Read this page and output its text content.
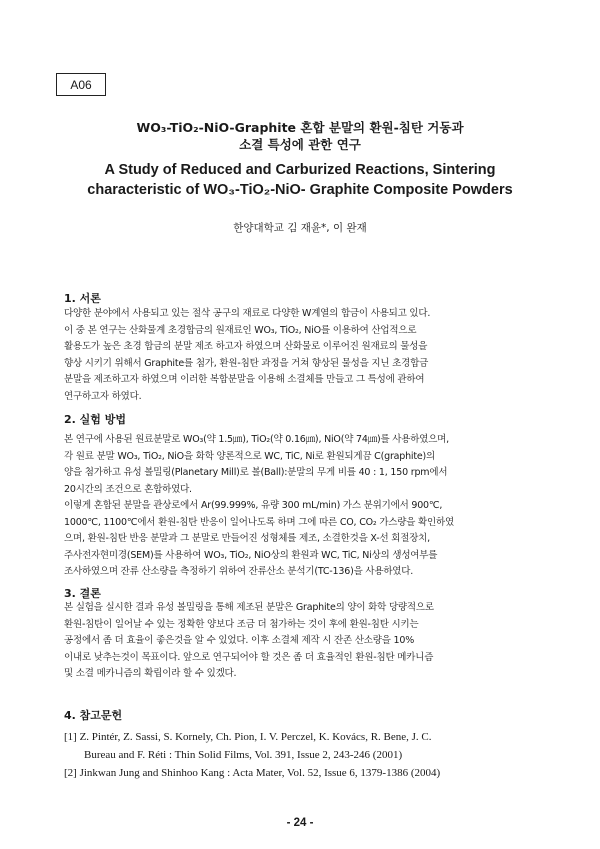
A06
WO₃-TiO₂-NiO-Graphite 혼합 분말의 환원-침탄 거동과
소결 특성에 관한 연구
A Study of Reduced and Carburized Reactions, Sintering
characteristic of WO₃-TiO₂-NiO- Graphite Composite Powders
한양대학교 김 재윤*, 이 완재
1. 서론
다양한 분야에서 사용되고 있는 절삭 공구의 재료로 다양한 W계열의 합금이 사용되고 있다.
이 중 본 연구는 산화물계 초경합금의 원재료인 WO₃, TiO₂, NiO를 이용하여 산업적으로
활용도가 높은 초경 합금의 분말 제조 하고자 하였으며 산화물로 이루어진 원재료의 물성을
향상 시키기 위해서 Graphite를 첨가, 환원-침탄 과정을 거쳐 향상된 물성을 지닌 초경합금
분말을 제조하고자 하였으며 이러한 복합분말을 이용해 소결체를 만들고 그 특성에 관하여
연구하고자 하였다.
2. 실험 방법
본 연구에 사용된 원료분말로 WO₃(약 1.5㎛), TiO₂(약 0.16㎛), NiO(약 74㎛)를 사용하였으며,
각 원료 분말 WO₃, TiO₂, NiO을 화학 양론적으로 WC, TiC, Ni로 환원되게끔 C(graphite)의
양을 첨가하고 유성 볼밀링(Planetary Mill)로 볼(Ball):분말의 무게 비를 40 : 1, 150 rpm에서
20시간의 조건으로 혼합하였다.
이렇게 혼합된 분말을 관상로에서 Ar(99.999%, 유량 300 mL/min) 가스 분위기에서 900℃,
1000℃, 1100℃에서 환원-침탄 반응이 일어나도록 하며 그에 따른 CO, CO₂ 가스량을 확인하였
으며, 환원-침탄 반응 분말과 그 분말로 만들어진 성형체를 제조, 소결한것을 X-선 회절장치,
주사전자현미경(SEM)를 사용하여 WO₃, TiO₂, NiO상의 환원과 WC, TiC, Ni상의 생성여부를
조사하였으며 잔류 산소량을 측정하기 위하여 잔류산소 분석기(TC-136)을 사용하였다.
3. 결론
본 실험을 실시한 결과 유성 볼밀링을 통해 제조된 분말은 Graphite의 양이 화학 당량적으로
환원-침탄이 일어날 수 있는 정확한 양보다 조금 더 첨가하는 것이 후에 환원-침탄 시키는
공정에서 좀 더 효율이 좋은것을 알 수 있었다. 이후 소결체 제작 시 잔존 산소량을 10%
이내로 낮추는것이 목표이다. 앞으로 연구되어야 할 것은 좀 더 효율적인 환원-침탄 메카니즘
및 소결 메카니즘의 확립이라 할 수 있겠다.
4. 참고문헌
[1] Z. Pintér, Z. Sassi, S. Kornely, Ch. Pion, I. V. Perczel, K. Kovács, R. Bene, J. C.
Bureau and F. Réti : Thin Solid Films, Vol. 391, Issue 2, 243-246 (2001)
[2] Jinkwan Jung and Shinhoo Kang : Acta Mater, Vol. 52, Issue 6, 1379-1386 (2004)
- 24 -
